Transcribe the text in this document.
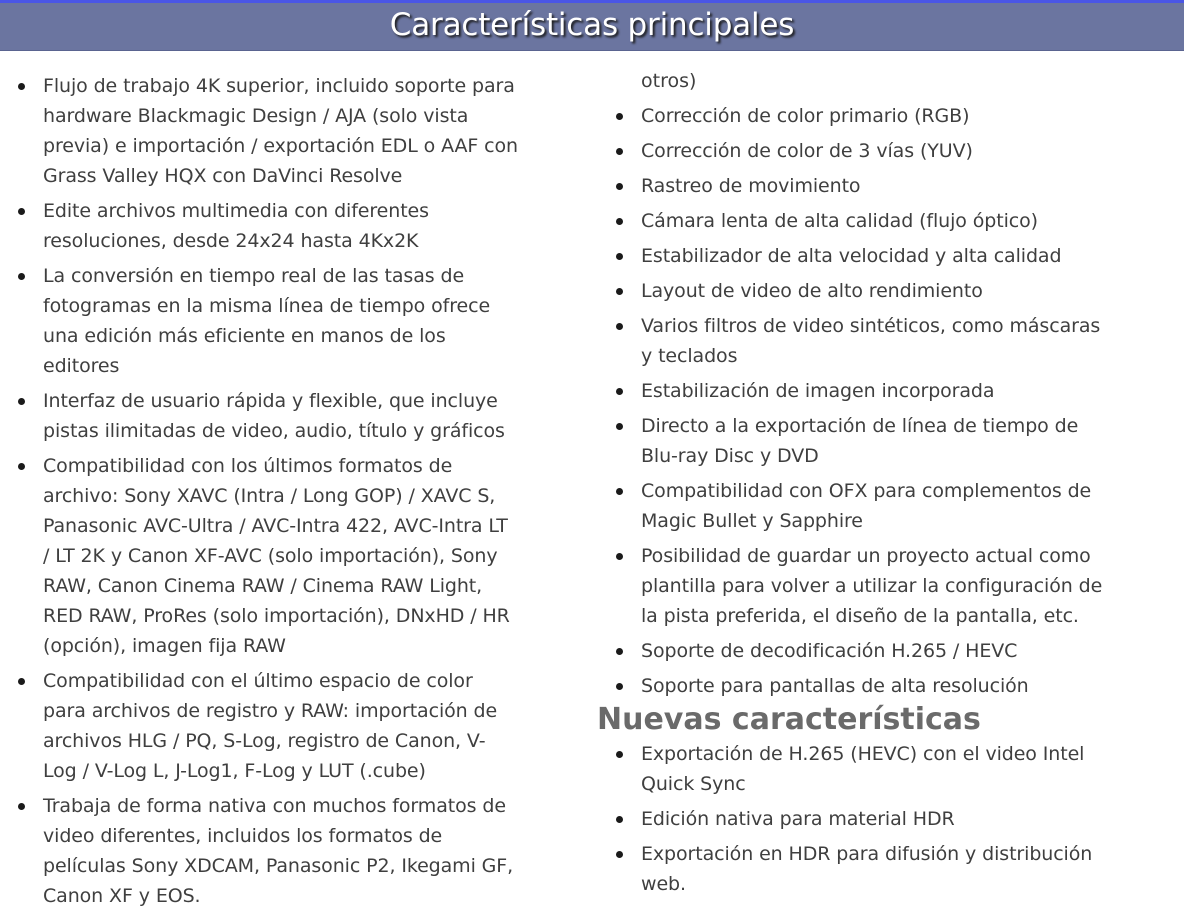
Flujo de trabajo 4K superior, incluido soporte para hardware Blackmagic Design / AJA (solo vista previa) e importación / exportación EDL o AAF con Grass Valley HQX con DaVinci Resolve
Edite archivos multimedia con diferentes resoluciones, desde 24x24 hasta 4Kx2K
La conversión en tiempo real de las tasas de fotogramas en la misma línea de tiempo ofrece una edición más eficiente en manos de los editores
Interfaz de usuario rápida y flexible, que incluye pistas ilimitadas de video, audio, título y gráficos
Compatibilidad con los últimos formatos de archivo: Sony XAVC (Intra / Long GOP) / XAVC S, Panasonic AVC-Ultra / AVC-Intra 422, AVC-Intra LT / LT 2K y Canon XF-AVC (solo importación), Sony RAW, Canon Cinema RAW / Cinema RAW Light, RED RAW, ProRes (solo importación), DNxHD / HR (opción), imagen fija RAW
Compatibilidad con el último espacio de color para archivos de registro y RAW: importación de archivos HLG / PQ, S-Log, registro de Canon, V-Log / V-Log L, J-Log1, F-Log y LUT (.cube)
Trabaja de forma nativa con muchos formatos de video diferentes, incluidos los formatos de películas Sony XDCAM, Panasonic P2, Ikegami GF, Canon XF y EOS.
otros)
Corrección de color primario (RGB)
Corrección de color de 3 vías (YUV)
Rastreo de movimiento
Cámara lenta de alta calidad (flujo óptico)
Estabilizador de alta velocidad y alta calidad
Layout de video de alto rendimiento
Varios filtros de video sintéticos, como máscaras y teclados
Estabilización de imagen incorporada
Directo a la exportación de línea de tiempo de Blu-ray Disc y DVD
Compatibilidad con OFX para complementos de Magic Bullet y Sapphire
Posibilidad de guardar un proyecto actual como plantilla para volver a utilizar la configuración de la pista preferida, el diseño de la pantalla, etc.
Soporte de decodificación H.265 / HEVC
Soporte para pantallas de alta resolución
Nuevas características
Exportación de H.265 (HEVC) con el video Intel Quick Sync
Edición nativa para material HDR
Exportación en HDR para difusión y distribución web.
Características principales
